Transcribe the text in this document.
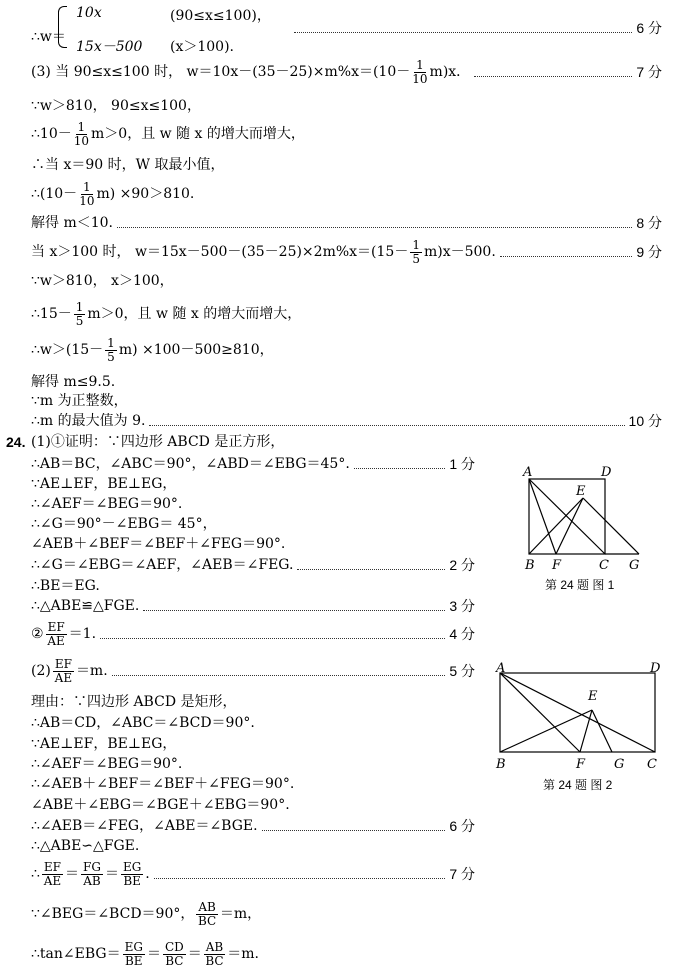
∴w＝
10x	(90≤x≤100)，
15x－500 (x＞100).
6 分
(3) 当 90≤x≤100 时， $w=10x-(35-25)\times m\%x=(10- \frac{1}{10} m)x$．	7 分
∵w＞810， 90≤x≤100，
∴10－ $\frac{1}{10} m>0$，且 w 随 x 的增大而增大，
∴当 x＝90 时，W 取最小值，
∴(10－ $\frac{1}{10} m) \times 90>810$.
解得 m＜10.	8 分
当 x＞100 时， $w=15x-500-(35-25)\times 2m\%x=(15- \frac{1}{5} m)x-500$.	9 分
∵w＞810， x＞100，
∴15－ $\frac{1}{5} m>0$，且 w 随 x 的增大而增大，
∴w＞(15－ $\frac{1}{5} m) \times 100-500\ge 810$，
解得 m≤9.5.
∵m 为正整数，
∴m 的最大值为 9.	10 分
24. (1)①证明：∵四边形 ABCD 是正方形，
∴AB＝BC，∠ABC＝90°，∠ABD＝∠EBG＝45°.	1 分
∵AE⊥EF，BE⊥EG，
∴∠AEF＝∠BEG＝90°.
∴∠G＝90°－∠EBG＝ 45°，
∠AEB＋∠BEF＝∠BEF＋∠FEG＝90°.
∴∠G＝∠EBG＝∠AEF，∠AEB＝∠FEG.	2 分
∴BE＝EG.
∴△ABE≌△FGE.	3 分
② $\frac{EF}{AE} =1$.	4 分
$(2) \frac{EF}{AE} =m$.	5 分
理由：∵四边形 ABCD 是矩形，
∴AB＝CD，∠ABC＝∠BCD＝90°.
∵AE⊥EF，BE⊥EG，
∴∠AEF＝∠BEG＝90°.
∴∠AEB＋∠BEF＝∠BEF＋∠FEG＝90°.
∠ABE＋∠EBG＝∠BGE＋∠EBG＝90°.
∴∠AEB＝∠FEG，∠ABE＝∠BGE.	6 分
∴△ABE∽△FGE.
∴ $\frac{EF}{AE} = \frac{FG}{AB} = \frac{EG}{BE}$ .	7 分
∵∠BEG＝∠BCD＝90°， $\frac{AB}{BC} =m$，
∴tan∠EBG＝ $\frac{EG}{BE} = \frac{CD}{BC} = \frac{AB}{BC} =m$.
A	D
E
B F	C G
第 24 题 图 1
A	D
E
B	F G C
第 24 题 图 2
